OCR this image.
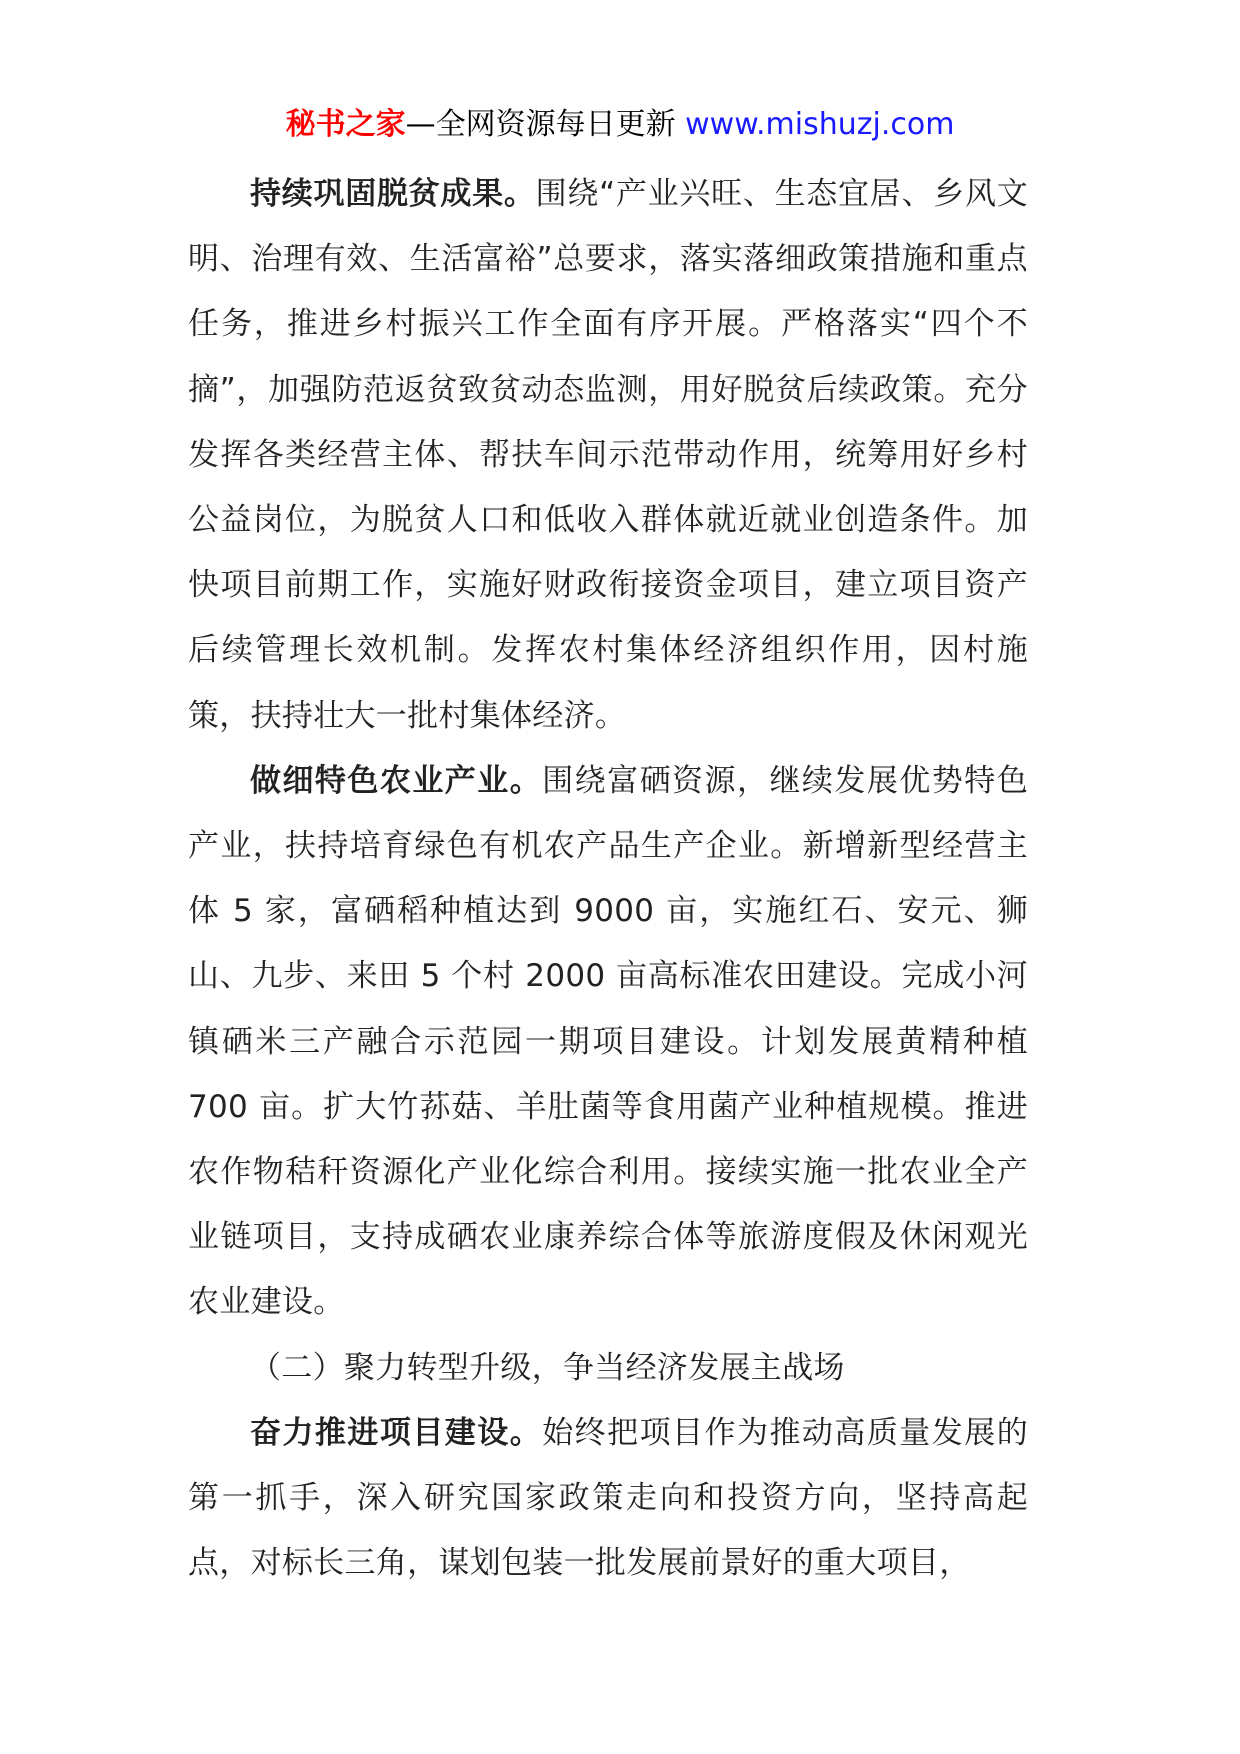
秘书之家—全网资源每日更新 www.mishuzj.com

持续巩固脱贫成果。围绕“产业兴旺、生态宜居、乡风文明、治理有效、生活富裕”总要求，落实落细政策措施和重点任务，推进乡村振兴工作全面有序开展。严格落实“四个不摘”，加强防范返贫致贫动态监测，用好脱贫后续政策。充分发挥各类经营主体、帮扶车间示范带动作用，统筹用好乡村公益岗位，为脱贫人口和低收入群体就近就业创造条件。加快项目前期工作，实施好财政衔接资金项目，建立项目资产后续管理长效机制。发挥农村集体经济组织作用，因村施策，扶持壮大一批村集体经济。

做细特色农业产业。围绕富硒资源，继续发展优势特色产业，扶持培育绿色有机农产品生产企业。新增新型经营主体 5 家，富硒稻种植达到 9000 亩，实施红石、安元、狮山、九步、来田 5 个村 2000 亩高标准农田建设。完成小河镇硒米三产融合示范园一期项目建设。计划发展黄精种植 700 亩。扩大竹荪菇、羊肚菌等食用菌产业种植规模。推进农作物秸秆资源化产业化综合利用。接续实施一批农业全产业链项目，支持成硒农业康养综合体等旅游度假及休闲观光农业建设。

（二）聚力转型升级，争当经济发展主战场

奋力推进项目建设。始终把项目作为推动高质量发展的第一抓手，深入研究国家政策走向和投资方向，坚持高起点，对标长三角，谋划包装一批发展前景好的重大项目，
